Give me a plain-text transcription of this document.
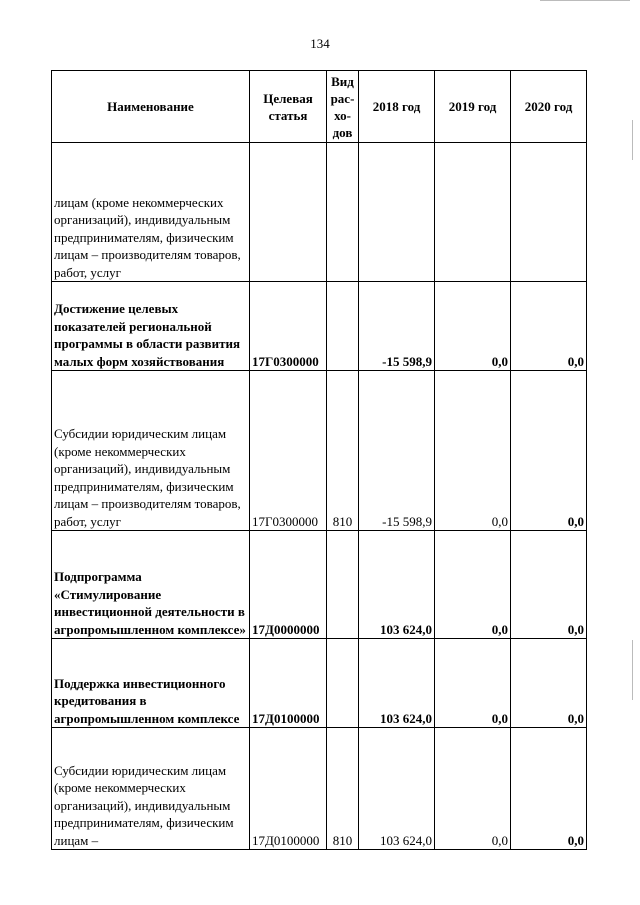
134
Наименование	Целевая статья	Вид рас-хо-дов	2018 год	2019 год	2020 год
лицам (кроме некоммерческих организаций), индивидуальным предпринимателям, физическим лицам – производителям товаров, работ, услуг					
Достижение целевых показателей региональной программы в области развития малых форм хозяйствования	17Г0300000		-15 598,9	0,0	0,0
Субсидии юридическим лицам (кроме некоммерческих организаций), индивидуальным предпринимателям, физическим лицам – производителям товаров, работ, услуг	17Г0300000	810	-15 598,9	0,0	0,0
Подпрограмма «Стимулирование инвестиционной деятельности в агропромышленном комплексе»	17Д0000000		103 624,0	0,0	0,0
Поддержка инвестиционного кредитования в агропромышленном комплексе	17Д0100000		103 624,0	0,0	0,0
Субсидии юридическим лицам (кроме некоммерческих организаций), индивидуальным предпринимателям, физическим лицам –	17Д0100000	810	103 624,0	0,0	0,0
